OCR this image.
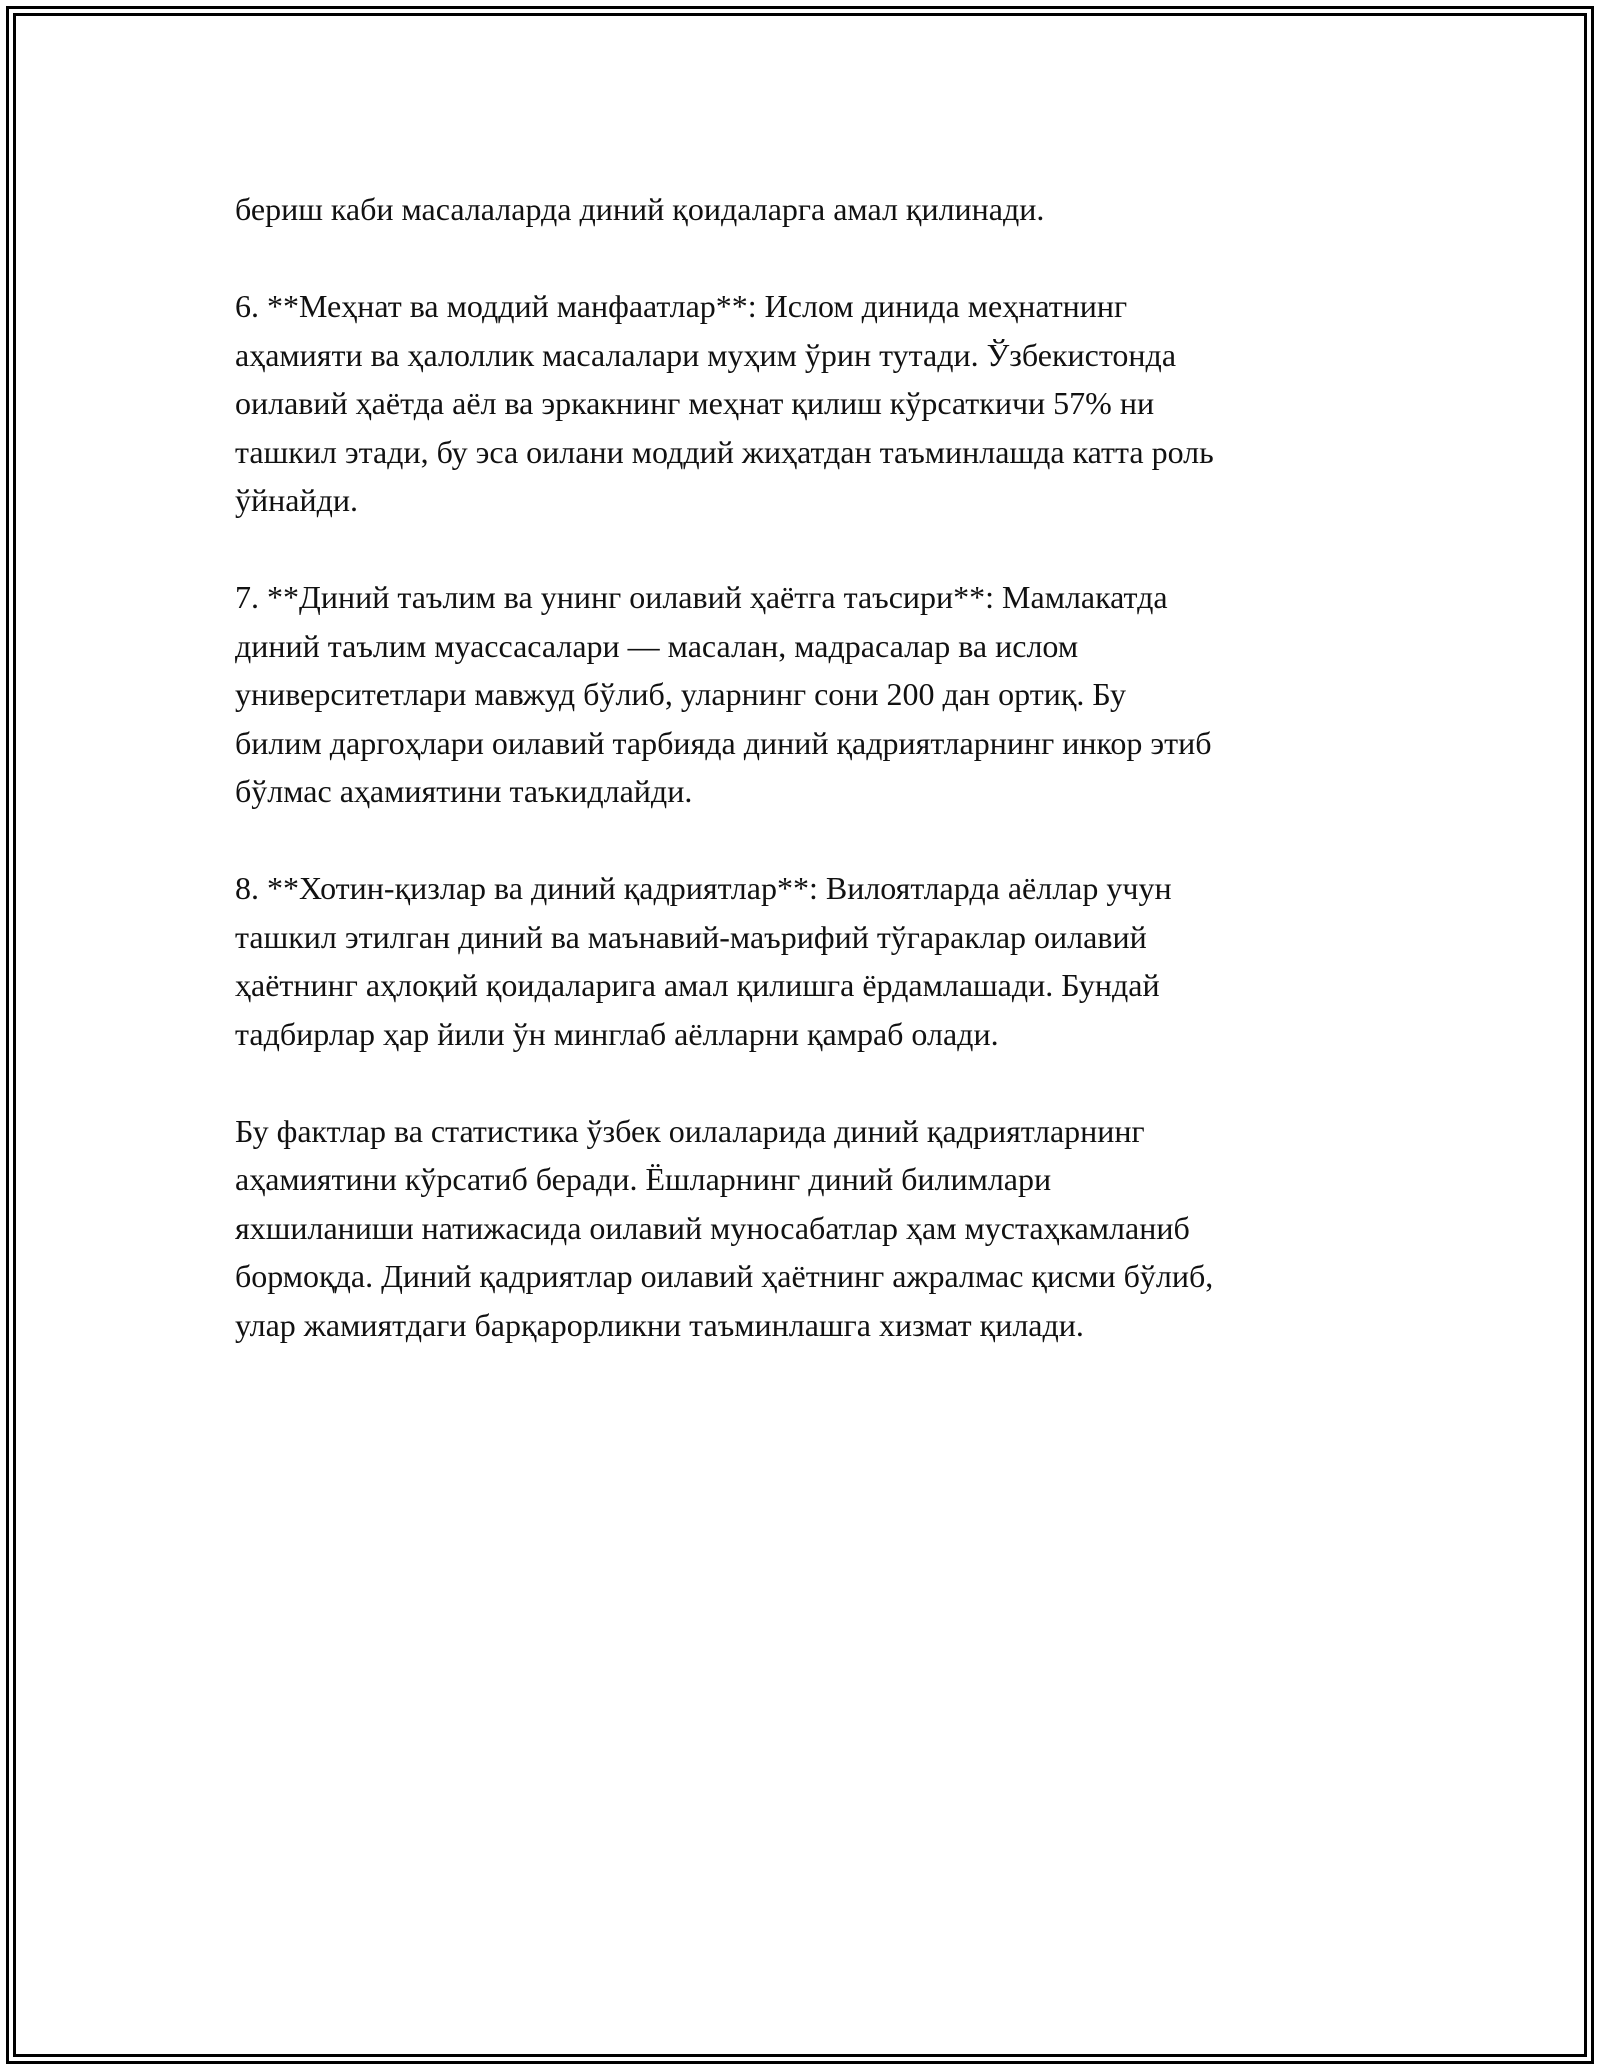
бериш каби масалаларда диний қоидаларга амал қилинади.

6. **Меҳнат ва моддий манфаатлар**: Ислом динида меҳнатнинг
аҳамияти ва ҳалоллик масалалари муҳим ўрин тутади. Ўзбекистонда
оилавий ҳаётда аёл ва эркакнинг меҳнат қилиш кўрсаткичи 57% ни
ташкил этади, бу эса оилани моддий жиҳатдан таъминлашда катта роль
ўйнайди.

7. **Диний таълим ва унинг оилавий ҳаётга таъсири**: Мамлакатда
диний таълим муассасалари — масалан, мадрасалар ва ислом
университетлари мавжуд бўлиб, уларнинг сони 200 дан ортиқ. Бу
билим даргоҳлари оилавий тарбияда диний қадриятларнинг инкор этиб
бўлмас аҳамиятини таъкидлайди.

8. **Хотин-қизлар ва диний қадриятлар**: Вилоятларда аёллар учун
ташкил этилган диний ва маънавий-маърифий тўгараклар оилавий
ҳаётнинг аҳлоқий қоидаларига амал қилишга ёрдамлашади. Бундай
тадбирлар ҳар йили ўн минглаб аёлларни қамраб олади.

Бу фактлар ва статистика ўзбек оилаларида диний қадриятларнинг
аҳамиятини кўрсатиб беради. Ёшларнинг диний билимлари
яхшиланиши натижасида оилавий муносабатлар ҳам мустаҳкамланиб
бормоқда. Диний қадриятлар оилавий ҳаётнинг ажралмас қисми бўлиб,
улар жамиятдаги барқарорликни таъминлашга хизмат қилади.
